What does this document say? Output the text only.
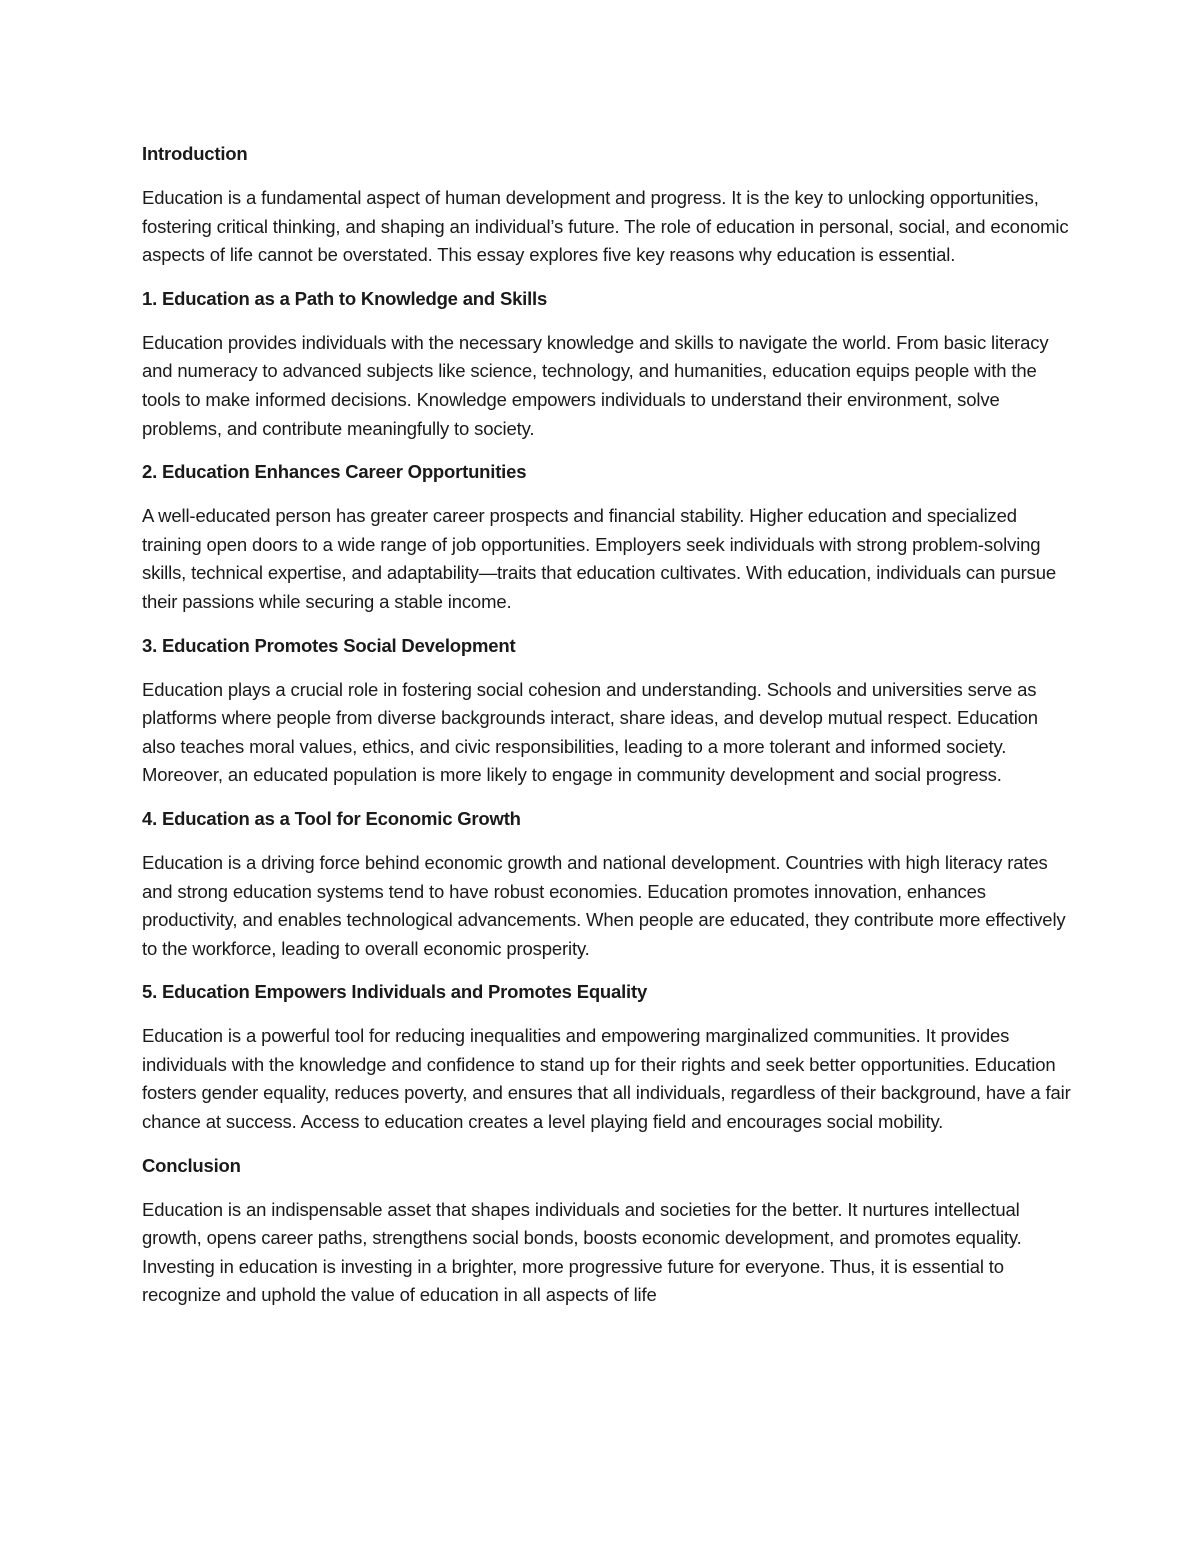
Introduction

Education is a fundamental aspect of human development and progress. It is the key to unlocking opportunities, fostering critical thinking, and shaping an individual’s future. The role of education in personal, social, and economic aspects of life cannot be overstated. This essay explores five key reasons why education is essential.

1. Education as a Path to Knowledge and Skills

Education provides individuals with the necessary knowledge and skills to navigate the world. From basic literacy and numeracy to advanced subjects like science, technology, and humanities, education equips people with the tools to make informed decisions. Knowledge empowers individuals to understand their environment, solve problems, and contribute meaningfully to society.

2. Education Enhances Career Opportunities

A well-educated person has greater career prospects and financial stability. Higher education and specialized training open doors to a wide range of job opportunities. Employers seek individuals with strong problem-solving skills, technical expertise, and adaptability—traits that education cultivates. With education, individuals can pursue their passions while securing a stable income.

3. Education Promotes Social Development

Education plays a crucial role in fostering social cohesion and understanding. Schools and universities serve as platforms where people from diverse backgrounds interact, share ideas, and develop mutual respect. Education also teaches moral values, ethics, and civic responsibilities, leading to a more tolerant and informed society. Moreover, an educated population is more likely to engage in community development and social progress.

4. Education as a Tool for Economic Growth

Education is a driving force behind economic growth and national development. Countries with high literacy rates and strong education systems tend to have robust economies. Education promotes innovation, enhances productivity, and enables technological advancements. When people are educated, they contribute more effectively to the workforce, leading to overall economic prosperity.

5. Education Empowers Individuals and Promotes Equality

Education is a powerful tool for reducing inequalities and empowering marginalized communities. It provides individuals with the knowledge and confidence to stand up for their rights and seek better opportunities. Education fosters gender equality, reduces poverty, and ensures that all individuals, regardless of their background, have a fair chance at success. Access to education creates a level playing field and encourages social mobility.

Conclusion

Education is an indispensable asset that shapes individuals and societies for the better. It nurtures intellectual growth, opens career paths, strengthens social bonds, boosts economic development, and promotes equality. Investing in education is investing in a brighter, more progressive future for everyone. Thus, it is essential to recognize and uphold the value of education in all aspects of life
